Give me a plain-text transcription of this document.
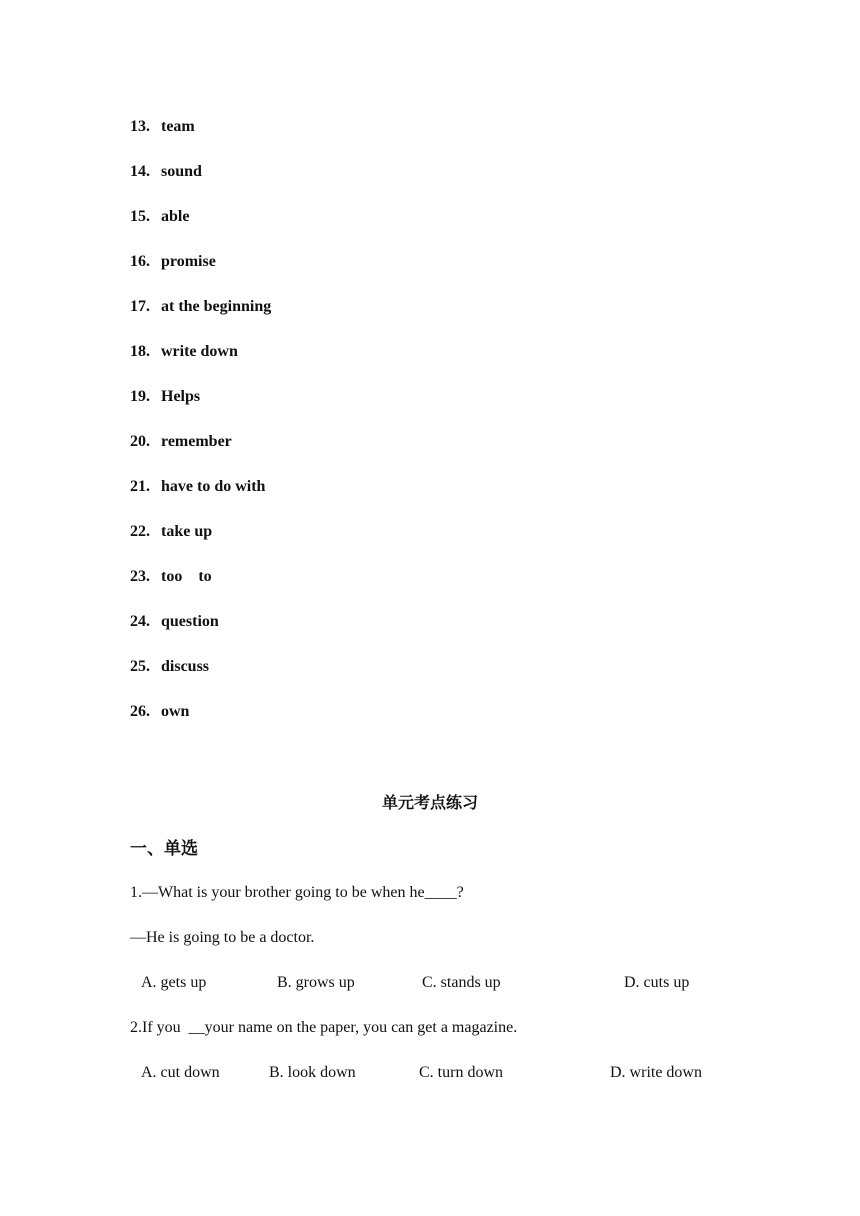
13. team
14. sound
15. able
16. promise
17. at the beginning
18. write down
19. Helps
20. remember
21. have to do with
22. take up
23. too    to
24. question
25. discuss
26. own
单元考点练习
一、单选
1.—What is your brother going to be when he____?
—He is going to be a doctor.
A. gets up	B. grows up	C. stands up	D. cuts up
2.If you  __your name on the paper, you can get a magazine.
A. cut down	B. look down	C. turn down	D. write down
